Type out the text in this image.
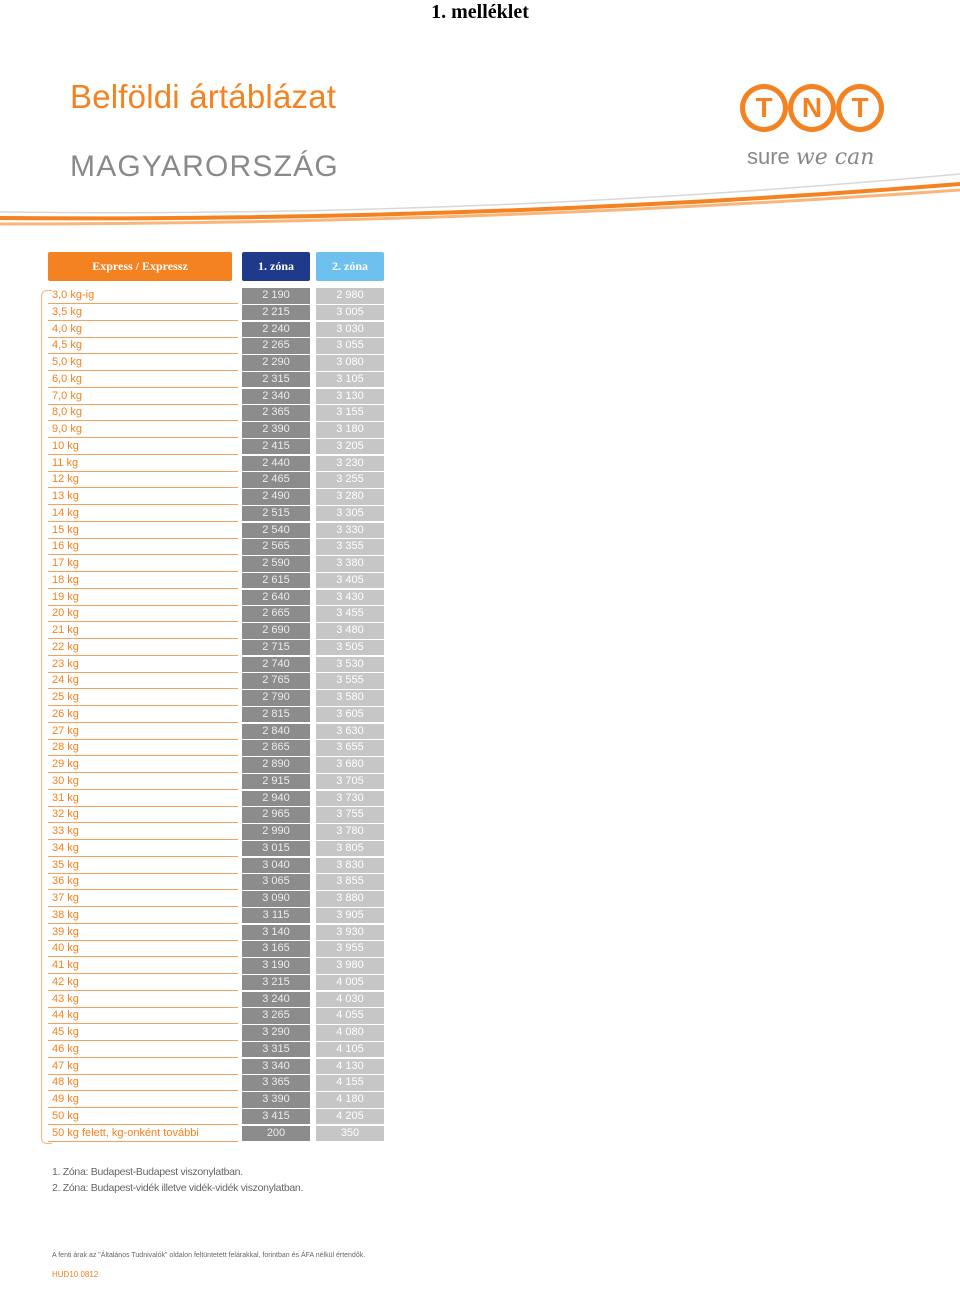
1. melléklet
Belföldi ártáblázat
MAGYARORSZÁG
T	N	T
sure we can
Express / Expressz	1. zóna	2. zóna
3,0 kg-ig	2 190	2 980
3,5 kg	2 215	3 005
4,0 kg	2 240	3 030
4,5 kg	2 265	3 055
5,0 kg	2 290	3 080
6,0 kg	2 315	3 105
7,0 kg	2 340	3 130
8,0 kg	2 365	3 155
9,0 kg	2 390	3 180
10 kg	2 415	3 205
11 kg	2 440	3 230
12 kg	2 465	3 255
13 kg	2 490	3 280
14 kg	2 515	3 305
15 kg	2 540	3 330
16 kg	2 565	3 355
17 kg	2 590	3 380
18 kg	2 615	3 405
19 kg	2 640	3 430
20 kg	2 665	3 455
21 kg	2 690	3 480
22 kg	2 715	3 505
23 kg	2 740	3 530
24 kg	2 765	3 555
25 kg	2 790	3 580
26 kg	2 815	3 605
27 kg	2 840	3 630
28 kg	2 865	3 655
29 kg	2 890	3 680
30 kg	2 915	3 705
31 kg	2 940	3 730
32 kg	2 965	3 755
33 kg	2 990	3 780
34 kg	3 015	3 805
35 kg	3 040	3 830
36 kg	3 065	3 855
37 kg	3 090	3 880
38 kg	3 115	3 905
39 kg	3 140	3 930
40 kg	3 165	3 955
41 kg	3 190	3 980
42 kg	3 215	4 005
43 kg	3 240	4 030
44 kg	3 265	4 055
45 kg	3 290	4 080
46 kg	3 315	4 105
47 kg	3 340	4 130
48 kg	3 365	4 155
49 kg	3 390	4 180
50 kg	3 415	4 205
50 kg felett, kg-onként további	200	350
1. Zóna: Budapest-Budapest viszonylatban.
2. Zóna: Budapest-vidék illetve vidék-vidék viszonylatban.
A fenti árak az "Általános Tudnivalók" oldalon feltüntetett felárakkal, forintban és ÁFA nélkül értendők.
HUD10 0812
